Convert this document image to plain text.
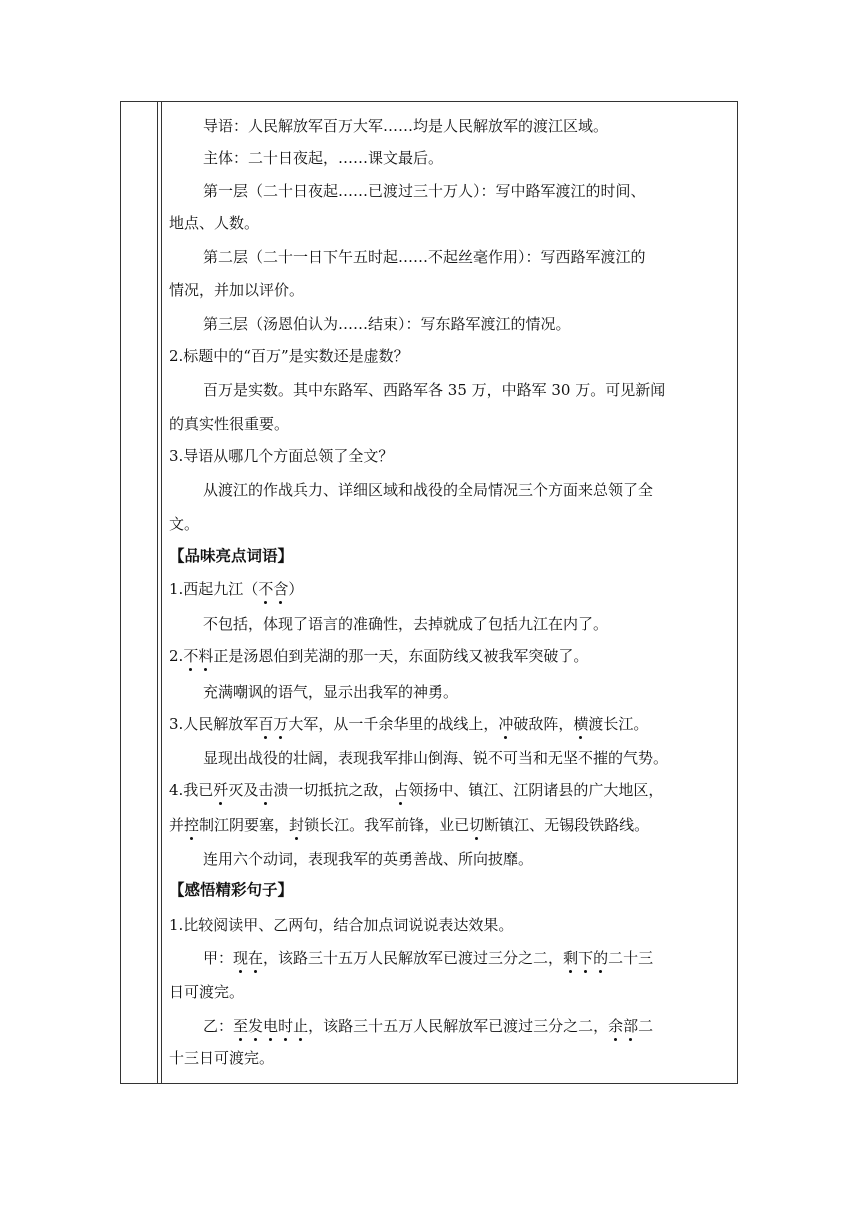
导语：人民解放军百万大军……均是人民解放军的渡江区域。
主体：二十日夜起，……课文最后。
第一层（二十日夜起……已渡过三十万人）：写中路军渡江的时间、
地点、人数。
第二层（二十一日下午五时起……不起丝毫作用）：写西路军渡江的
情况，并加以评价。
第三层（汤恩伯认为……结束）：写东路军渡江的情况。
2.标题中的“百万”是实数还是虚数？
百万是实数。其中东路军、西路军各 35 万，中路军 30 万。可见新闻
的真实性很重要。
3.导语从哪几个方面总领了全文？
从渡江的作战兵力、详细区域和战役的全局情况三个方面来总领了全
文。
【品味亮点词语】
1.西起九江（不含）
不包括，体现了语言的准确性，去掉就成了包括九江在内了。
2.不料正是汤恩伯到芜湖的那一天，东面防线又被我军突破了。
充满嘲讽的语气，显示出我军的神勇。
3.人民解放军百万大军，从一千余华里的战线上，冲破敌阵，横渡长江。
显现出战役的壮阔，表现我军排山倒海、锐不可当和无坚不摧的气势。
4.我已歼灭及击溃一切抵抗之敌，占领扬中、镇江、江阴诸县的广大地区，
并控制江阴要塞，封锁长江。我军前锋，业已切断镇江、无锡段铁路线。
连用六个动词，表现我军的英勇善战、所向披靡。
【感悟精彩句子】
1.比较阅读甲、乙两句，结合加点词说说表达效果。
甲：现在，该路三十五万人民解放军已渡过三分之二，剩下的二十三
日可渡完。
乙：至发电时止，该路三十五万人民解放军已渡过三分之二，余部二
十三日可渡完。
